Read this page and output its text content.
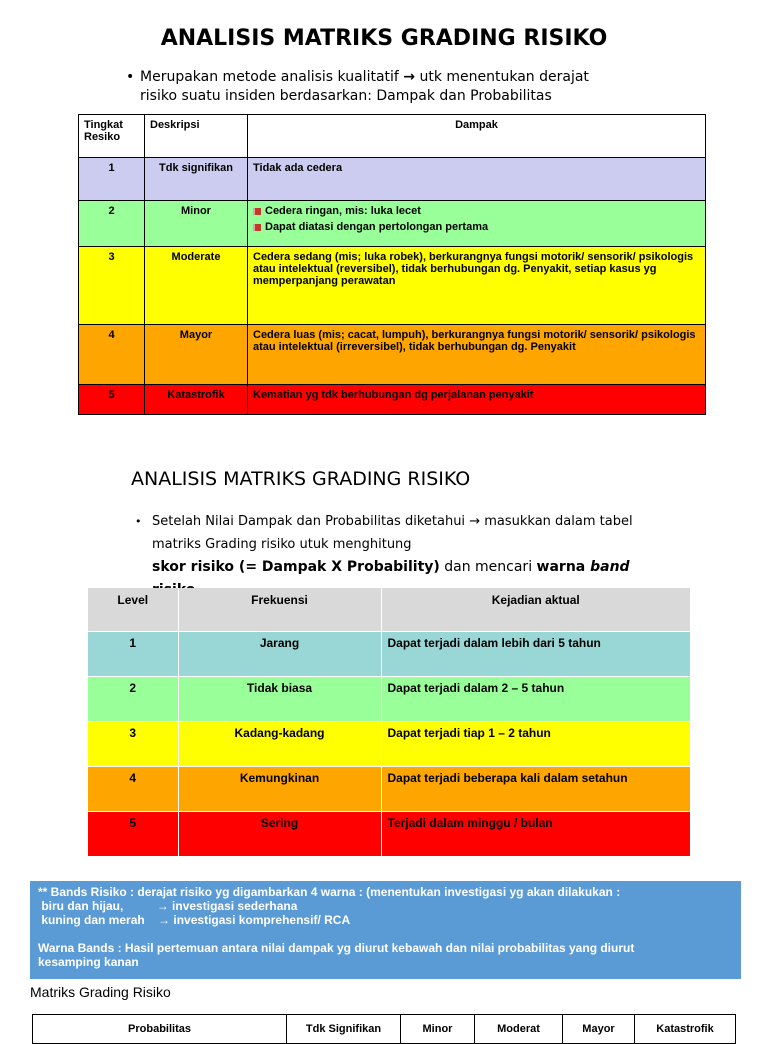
ANALISIS MATRIKS GRADING RISIKO
• Merupakan metode analisis kualitatif → utk menentukan derajat
risiko suatu insiden berdasarkan: Dampak dan Probabilitas
Tingkat
Resiko	Deskripsi	Dampak
1	Tdk signifikan	Tidak ada cedera
2	Minor	Cedera ringan, mis: luka lecet
Dapat diatasi dengan pertolongan pertama

3	Moderate	Cedera sedang (mis; luka robek), berkurangnya fungsi motorik/ sensorik/ psikologis atau intelektual (reversibel), tidak berhubungan dg. Penyakit, setiap kasus yg memperpanjang perawatan
4	Mayor	Cedera luas (mis; cacat, lumpuh), berkurangnya fungsi motorik/ sensorik/ psikologis atau intelektual (irreversibel), tidak berhubungan dg. Penyakit
5	Katastrofik	Kematian yg tdk berhubungan dg perjalanan penyakit
ANALISIS MATRIKS GRADING RISIKO
• Setelah Nilai Dampak dan Probabilitas diketahui → masukkan dalam tabel
matriks Grading risiko utuk menghitung
skor risiko (= Dampak X Probability) dan mencari warna band
Level	Frekuensi	Kejadian aktual
1	Jarang	Dapat terjadi dalam lebih dari 5 tahun
2	Tidak biasa	Dapat terjadi dalam 2 – 5 tahun
3	Kadang-kadang	Dapat terjadi tiap 1 – 2 tahun
4	Kemungkinan	Dapat terjadi beberapa kali dalam setahun
5	Sering	Terjadi dalam minggu / bulan

** Bands Risiko : derajat risiko yg digambarkan 4 warna : (menentukan investigasi yg akan dilakukan :

biru dan hijau,	→ investigasi sederhana

kuning dan merah → investigasi komprehensif/ RCA

Warna Bands : Hasil pertemuan antara nilai dampak yg diurut kebawah dan nilai probabilitas yang diurut

kesamping kanan

Matriks Grading Risiko
Probabilitas	Tdk Signifikan	Minor	Moderat	Mayor	Katastrofik
